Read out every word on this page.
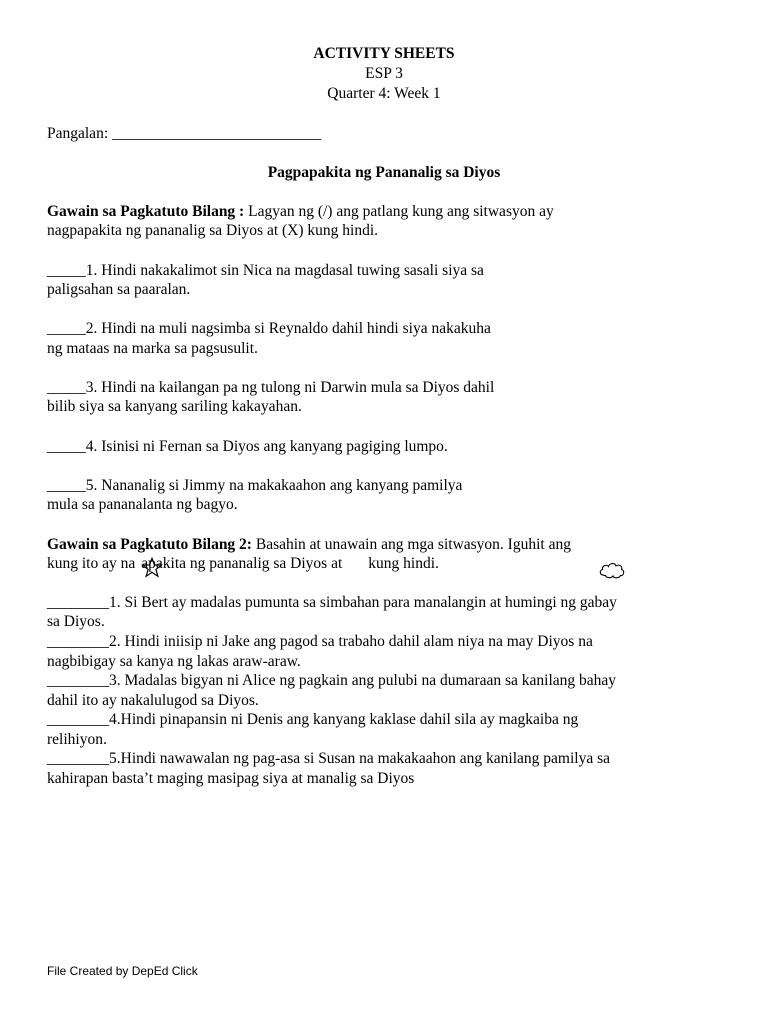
ACTIVITY SHEETS
ESP 3
Quarter 4: Week 1
Pangalan: ___________________________
Pagpapakita ng Pananalig sa Diyos
Gawain sa Pagkatuto Bilang : Lagyan ng (/) ang patlang kung ang sitwasyon ay
nagpapakita ng pananalig sa Diyos at (X) kung hindi.
_____1. Hindi nakakalimot sin Nica na magdasal tuwing sasali siya sa
paligsahan sa paaralan.
_____2. Hindi na muli nagsimba si Reynaldo dahil hindi siya nakakuha
ng mataas na marka sa pagsusulit.
_____3. Hindi na kailangan pa ng tulong ni Darwin mula sa Diyos dahil
bilib siya sa kanyang sariling kakayahan.
_____4. Isinisi ni Fernan sa Diyos ang kanyang pagiging lumpo.
_____5. Nananalig si Jimmy na makakaahon ang kanyang pamilya
mula sa pananalanta ng bagyo.
Gawain sa Pagkatuto Bilang 2: Basahin at unawain ang mga sitwasyon. Iguhit ang
kung ito ay na apakita ng pananalig sa Diyos at kung hindi.
________1. Si Bert ay madalas pumunta sa simbahan para manalangin at humingi ng gabay
sa Diyos.
________2. Hindi iniisip ni Jake ang pagod sa trabaho dahil alam niya na may Diyos na
nagbibigay sa kanya ng lakas araw-araw.
________3. Madalas bigyan ni Alice ng pagkain ang pulubi na dumaraan sa kanilang bahay
dahil ito ay nakalulugod sa Diyos.
________4.Hindi pinapansin ni Denis ang kanyang kaklase dahil sila ay magkaiba ng
relihiyon.
________5.Hindi nawawalan ng pag-asa si Susan na makakaahon ang kanilang pamilya sa
kahirapan basta’t maging masipag siya at manalig sa Diyos
File Created by DepEd Click
